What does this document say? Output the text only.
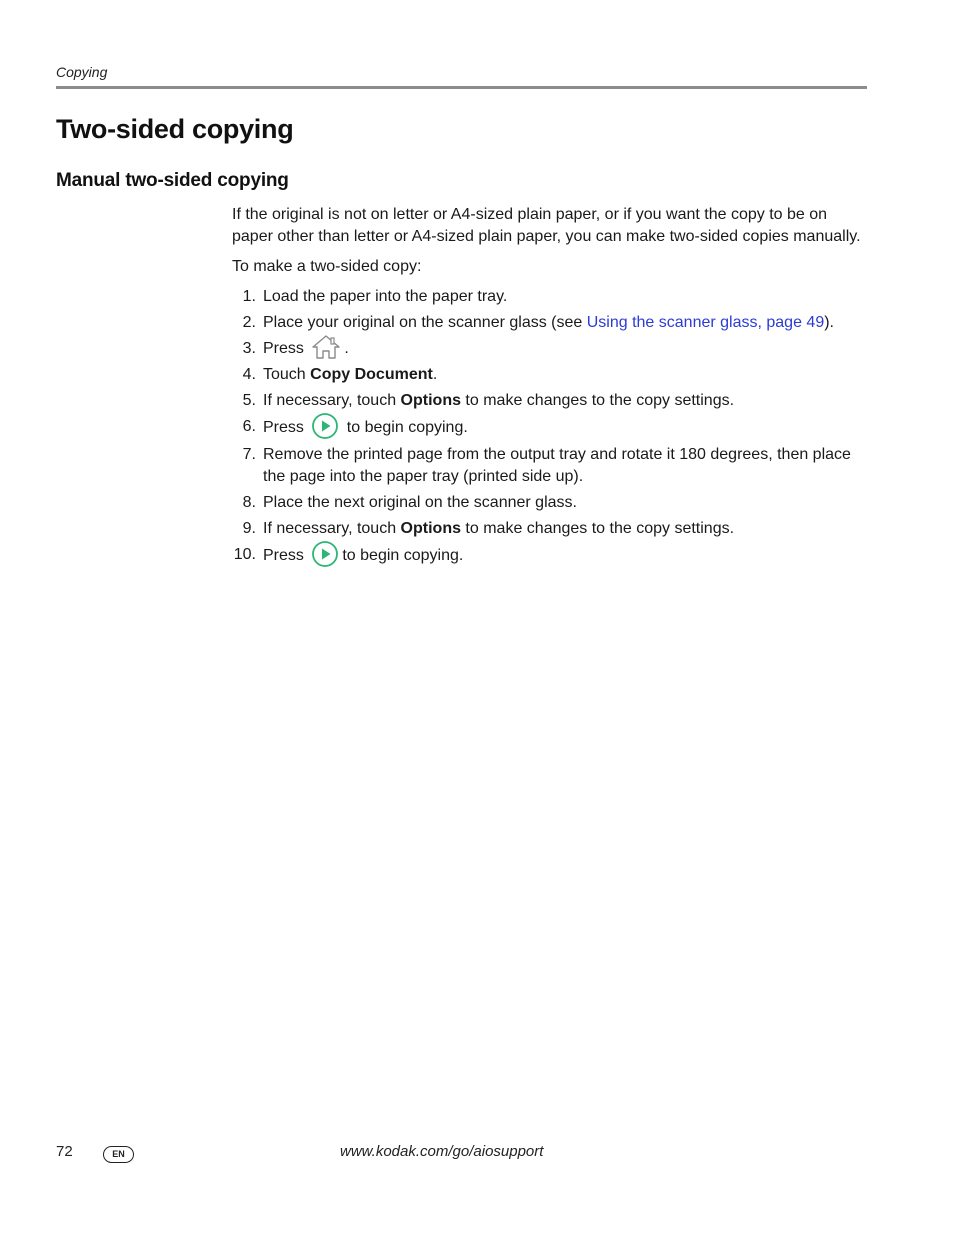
Copying
Two-sided copying
Manual two-sided copying

If the original is not on letter or A4-sized plain paper, or if you want the copy to be on paper other than letter or A4-sized plain paper, you can make two-sided copies manually.

To make a two-sided copy:

1. Load the paper into the paper tray.
2. Place your original on the scanner glass (see Using the scanner glass, page 49).
3. Press	.
4. Touch Copy Document.
5. If necessary, touch Options to make changes to the copy settings.
6. Press
to begin copying.
7. Remove the printed page from the output tray and rotate it 180 degrees, then place the page into the paper tray (printed side up).
8. Place the next original on the scanner glass.
9. If necessary, touch Options to make changes to the copy settings.
10. Press to begin copying.
72	EN	www.kodak.com/go/aiosupport
